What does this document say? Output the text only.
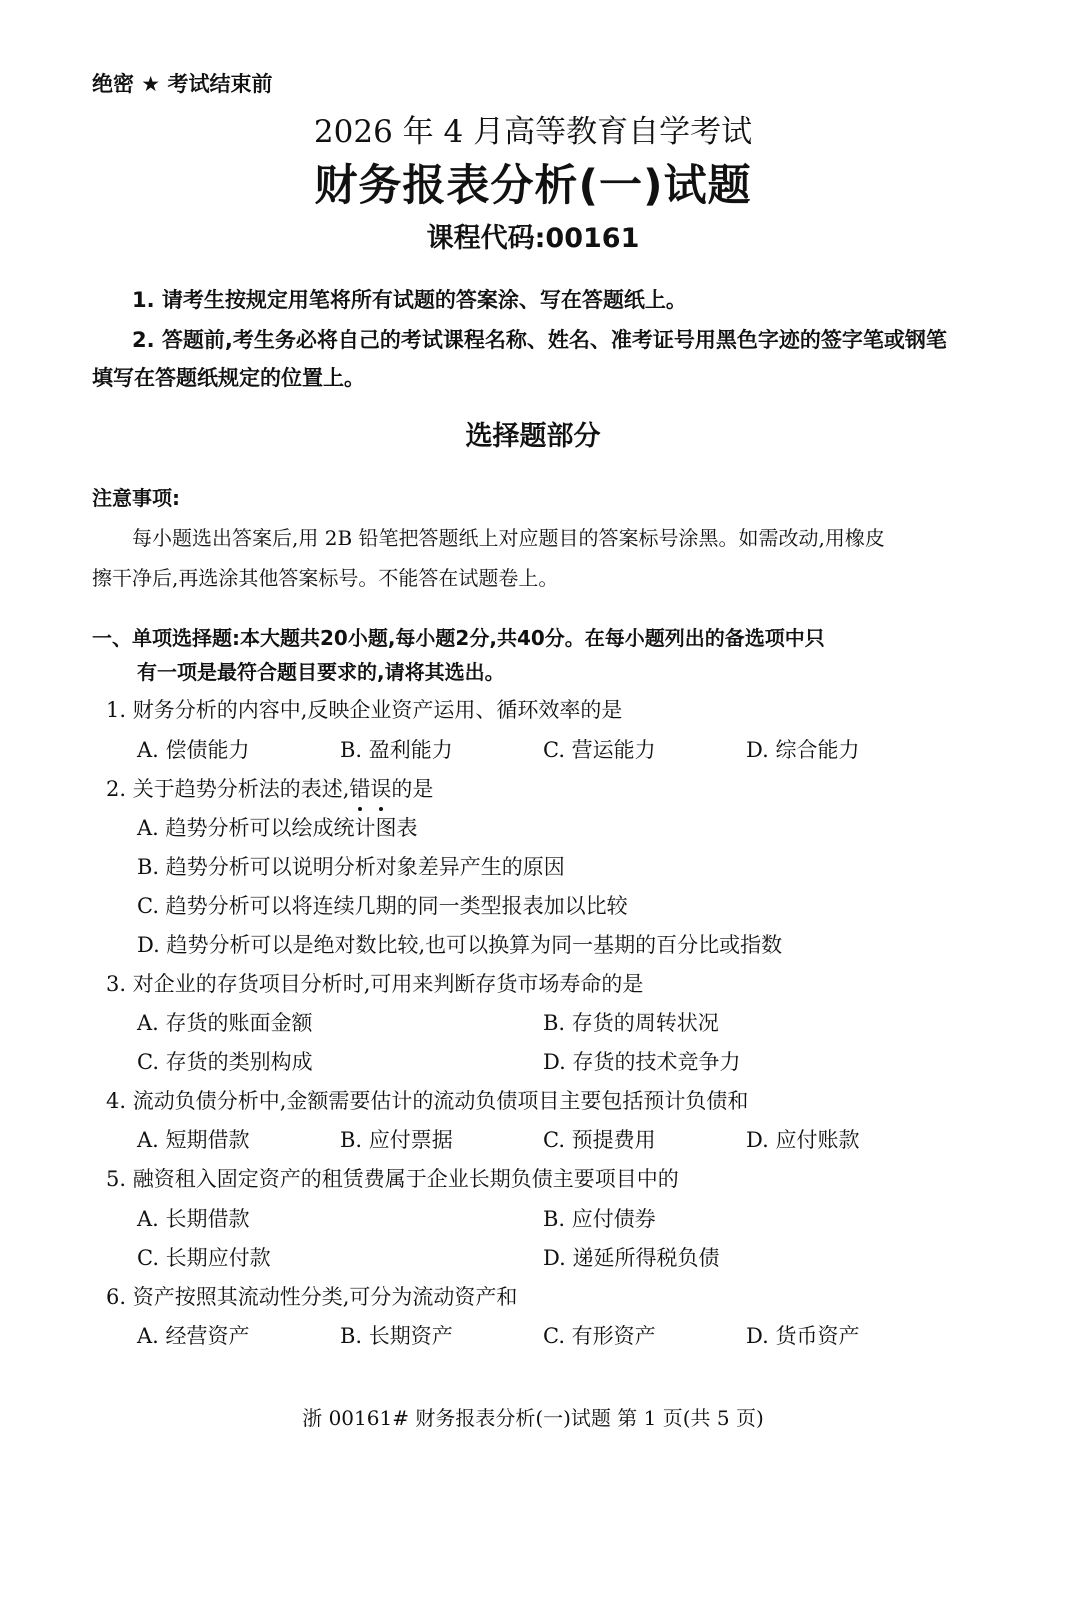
绝密 ★ 考试结束前
2026 年 4 月高等教育自学考试
财务报表分析(一)试题
课程代码:00161
1. 请考生按规定用笔将所有试题的答案涂、写在答题纸上。
2. 答题前,考生务必将自己的考试课程名称、姓名、准考证号用黑色字迹的签字笔或钢笔
填写在答题纸规定的位置上。
选择题部分
注意事项:
每小题选出答案后,用 2B 铅笔把答题纸上对应题目的答案标号涂黑。如需改动,用橡皮
擦干净后,再选涂其他答案标号。不能答在试题卷上。
一、单项选择题:本大题共20小题,每小题2分,共40分。在每小题列出的备选项中只
有一项是最符合题目要求的,请将其选出。
1. 财务分析的内容中,反映企业资产运用、循环效率的是
A. 偿债能力	B. 盈利能力	C. 营运能力	D. 综合能力
2. 关于趋势分析法的表述,错误的是
A. 趋势分析可以绘成统计图表
B. 趋势分析可以说明分析对象差异产生的原因
C. 趋势分析可以将连续几期的同一类型报表加以比较
D. 趋势分析可以是绝对数比较,也可以换算为同一基期的百分比或指数
3. 对企业的存货项目分析时,可用来判断存货市场寿命的是
A. 存货的账面金额	B. 存货的周转状况
C. 存货的类别构成	D. 存货的技术竞争力
4. 流动负债分析中,金额需要估计的流动负债项目主要包括预计负债和
A. 短期借款	B. 应付票据	C. 预提费用	D. 应付账款
5. 融资租入固定资产的租赁费属于企业长期负债主要项目中的
A. 长期借款	B. 应付债券
C. 长期应付款	D. 递延所得税负债
6. 资产按照其流动性分类,可分为流动资产和
A. 经营资产	B. 长期资产	C. 有形资产	D. 货币资产
浙 00161# 财务报表分析(一)试题 第 1 页(共 5 页)
